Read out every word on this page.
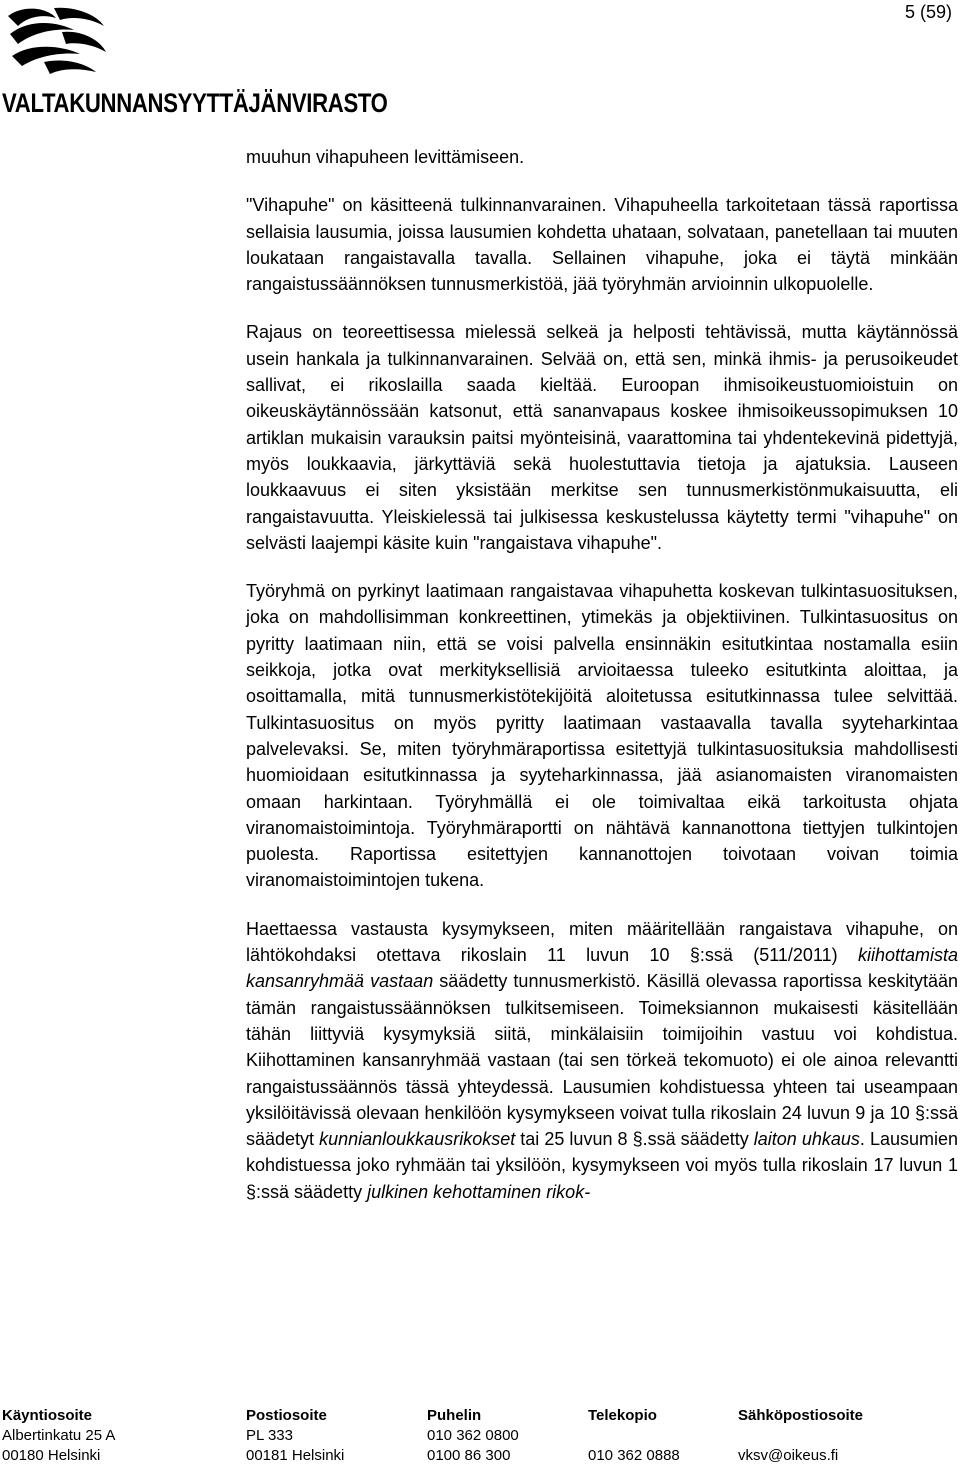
5 (59)
VALTAKUNNANSYYTTÄJÄNVIRASTO

muuhun vihapuheen levittämiseen.

"Vihapuhe" on käsitteenä tulkinnanvarainen. Vihapuheella tarkoitetaan tässä raportissa sellaisia lausumia, joissa lausumien kohdetta uhataan, solvataan, panetellaan tai muuten loukataan rangaistavalla tavalla. Sellainen vihapuhe, joka ei täytä minkään rangaistussäännöksen tunnusmerkistöä, jää työryhmän arvioinnin ulkopuolelle.

Rajaus on teoreettisessa mielessä selkeä ja helposti tehtävissä, mutta käytännössä usein hankala ja tulkinnanvarainen. Selvää on, että sen, minkä ihmis- ja perusoikeudet sallivat, ei rikoslailla saada kieltää. Euroopan ihmisoikeustuomioistuin on oikeuskäytännössään katsonut, että sananvapaus koskee ihmisoikeussopimuksen 10 artiklan mukaisin varauksin paitsi myönteisinä, vaarattomina tai yhdentekevinä pidettyjä, myös loukkaavia, järkyttäviä sekä huolestuttavia tietoja ja ajatuksia. Lauseen loukkaavuus ei siten yksistään merkitse sen tunnusmerkistönmukaisuutta, eli rangaistavuutta. Yleiskielessä tai julkisessa keskustelussa käytetty termi "vihapuhe" on selvästi laajempi käsite kuin "rangaistava vihapuhe".

Työryhmä on pyrkinyt laatimaan rangaistavaa vihapuhetta koskevan tulkintasuosituksen, joka on mahdollisimman konkreettinen, ytimekäs ja objektiivinen. Tulkintasuositus on pyritty laatimaan niin, että se voisi palvella ensinnäkin esitutkintaa nostamalla esiin seikkoja, jotka ovat merkityksellisiä arvioitaessa tuleeko esitutkinta aloittaa, ja osoittamalla, mitä tunnusmerkistötekijöitä aloitetussa esitutkinnassa tulee selvittää. Tulkintasuositus on myös pyritty laatimaan vastaavalla tavalla syyteharkintaa palvelevaksi. Se, miten työryhmäraportissa esitettyjä tulkintasuosituksia mahdollisesti huomioidaan esitutkinnassa ja syyteharkinnassa, jää asianomaisten viranomaisten omaan harkintaan. Työryhmällä ei ole toimivaltaa eikä tarkoitusta ohjata viranomaistoimintoja. Työryhmäraportti on nähtävä kannanottona tiettyjen tulkintojen puolesta. Raportissa esitettyjen kannanottojen toivotaan voivan toimia viranomaistoimintojen tukena.

Haettaessa vastausta kysymykseen, miten määritellään rangaistava vihapuhe, on lähtökohdaksi otettava rikoslain 11 luvun 10 §:ssä (511/2011) kiihottamista kansanryhmää vastaan säädetty tunnusmerkistö. Käsillä olevassa raportissa keskitytään tämän rangaistussäännöksen tulkitsemiseen. Toimeksiannon mukaisesti käsitellään tähän liittyviä kysymyksiä siitä, minkälaisiin toimijoihin vastuu voi kohdistua. Kiihottaminen kansanryhmää vastaan (tai sen törkeä tekomuoto) ei ole ainoa relevantti rangaistussäännös tässä yhteydessä. Lausumien kohdistuessa yhteen tai useampaan yksilöitävissä olevaan henkilöön kysymykseen voivat tulla rikoslain 24 luvun 9 ja 10 §:ssä säädetyt kunnianloukkausrikokset tai 25 luvun 8 §.ssä säädetty laiton uhkaus. Lausumien kohdistuessa joko ryhmään tai yksilöön, kysymykseen voi myös tulla rikoslain 17 luvun 1 §:ssä säädetty julkinen kehottaminen rikok-

Käyntiosoite
Albertinkatu 25 A
00180 Helsinki
Postiosoite
PL 333
00181 Helsinki
Puhelin
010 362 0800
0100 86 300
Telekopio

010 362 0888
Sähköpostiosoite

vksv@oikeus.fi
